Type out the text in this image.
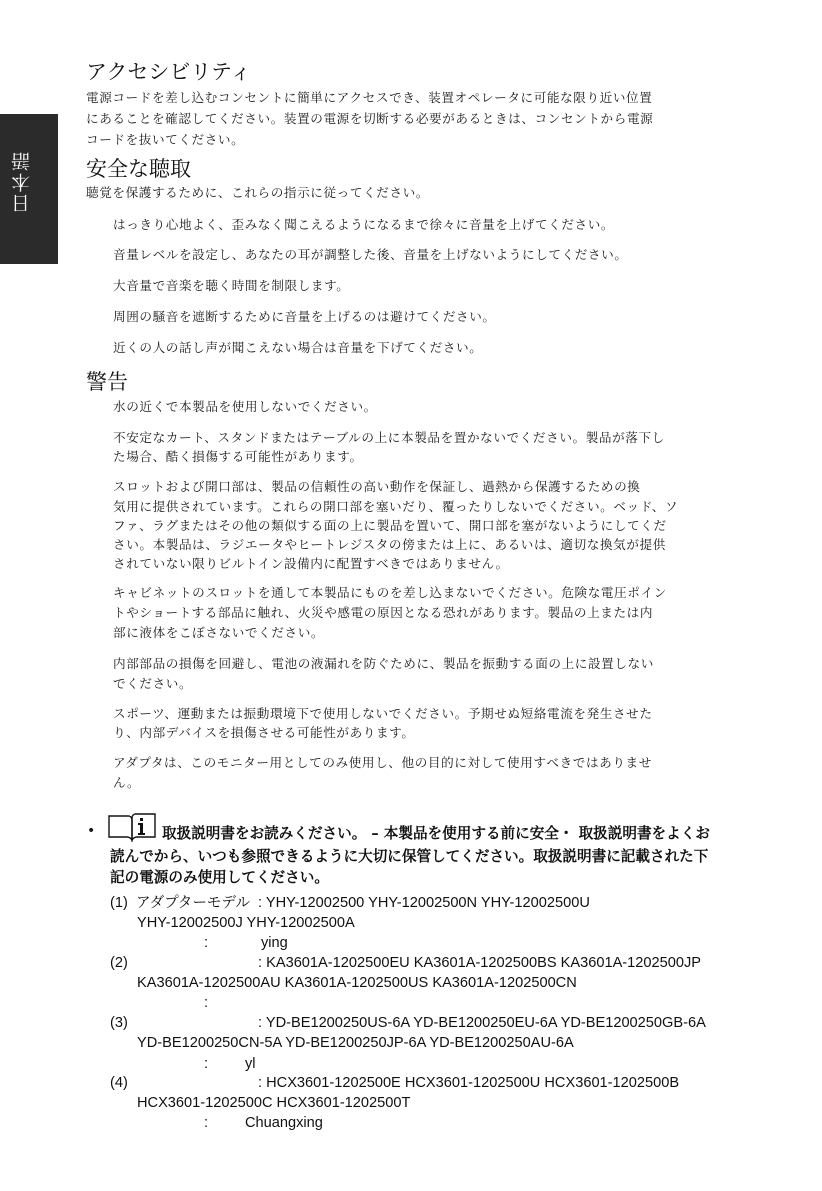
日本語
アクセシビリティ
電源コードを差し込むコンセントに簡単にアクセスでき、装置オペレータに可能な限り近い位置
にあることを確認してください。装置の電源を切断する必要があるときは、コンセントから電源
コードを抜いてください。
安全な聴取
聴覚を保護するために、これらの指示に従ってください。
はっきり心地よく、歪みなく聞こえるようになるまで徐々に音量を上げてください。
音量レベルを設定し、あなたの耳が調整した後、音量を上げないようにしてください。
大音量で音楽を聴く時間を制限します。
周囲の騒音を遮断するために音量を上げるのは避けてください。
近くの人の話し声が聞こえない場合は音量を下げてください。
警告
水の近くで本製品を使用しないでください。
不安定なカート、スタンドまたはテーブルの上に本製品を置かないでください。製品が落下し
た場合、酷く損傷する可能性があります。
スロットおよび開口部は、製品の信頼性の高い動作を保証し、過熱から保護するための換
気用に提供されています。これらの開口部を塞いだり、覆ったりしないでください。ベッド、ソ
ファ、ラグまたはその他の類似する面の上に製品を置いて、開口部を塞がないようにしてくだ
さい。本製品は、ラジエータやヒートレジスタの傍または上に、あるいは、適切な換気が提供
されていない限りビルトイン設備内に配置すべきではありません。
キャビネットのスロットを通して本製品にものを差し込まないでください。危険な電圧ポイン
トやショートする部品に触れ、火災や感電の原因となる恐れがあります。製品の上または内
部に液体をこぼさないでください。
内部部品の損傷を回避し、電池の液漏れを防ぐために、製品を振動する面の上に設置しない
でください。
スポーツ、運動または振動環境下で使用しないでください。予期せぬ短絡電流を発生させた
り、内部デバイスを損傷させる可能性があります。
アダプタは、このモニター用としてのみ使用し、他の目的に対して使用すべきではありませ
ん。
•	取扱説明書をお読みください。 – 本製品を使用する前に安全・ 取扱説明書をよくお
読んでから、いつも参照できるように大切に保管してください。取扱説明書に記載された下
記の電源のみ使用してください。
(1) アダプターモデル : YHY-12002500 YHY-12002500N YHY-12002500U
YHY-12002500J YHY-12002500A
:	ying
(2)	: KA3601A-1202500EU KA3601A-1202500BS KA3601A-1202500JP
KA3601A-1202500AU KA3601A-1202500US KA3601A-1202500CN
:
(3)	: YD-BE1200250US-6A YD-BE1200250EU-6A YD-BE1200250GB-6A
YD-BE1200250CN-5A YD-BE1200250JP-6A YD-BE1200250AU-6A
:	yl
(4)	: HCX3601-1202500E HCX3601-1202500U HCX3601-1202500B
HCX3601-1202500C HCX3601-1202500T
:	Chuangxing
